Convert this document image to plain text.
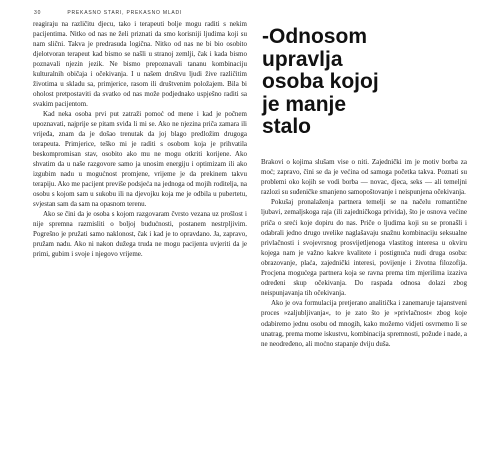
30	PREKASNO STARI, PREKASNO MLADI

reagiraju na različitu djecu, tako i terapeuti bolje mogu raditi s nekim pacijentima. Nitko od nas ne želi priznati da smo korisniji ljudima koji su nam slični. Takva je predrasuda logična. Nitko od nas ne bi bio osobito djelotvoran terapeut kad bismo se našli u stranoj zemlji, čak i kada bismo poznavali njezin jezik. Ne bismo prepoznavali tananu kombinaciju kulturalnih običaja i očekivanja. I u našem društvu ljudi žive različitim životima u skladu sa, primjerice, rasom ili društvenim položajem. Bila bi oholost pretpostaviti da svatko od nas može podjednako uspješno raditi sa svakim pacijentom.

Kad neka osoba prvi put zatraži pomoć od mene i kad je počnem upoznavati, najprije se pitam sviđa li mi se. Ako ne njezina priča zamara ili vrijeđa, znam da je došao trenutak da joj blago predložim drugoga terapeuta. Primjerice, teško mi je raditi s osobom koja je prihvatila beskompromisan stav, osobito ako mu ne mogu otkriti korijene. Ako shvatim da u naše razgovore samo ja unosim energiju i optimizam ili ako izgubim nadu u mogućnost promjene, vrijeme je da prekinem takvu terapiju. Ako me pacijent previše podsjeća na jednoga od mojih roditelja, na osobu s kojom sam u sukobu ili na djevojku koja me je odbila u pubertetu, svjestan sam da sam na opasnom terenu.

Ako se čini da je osoba s kojom razgovaram čvrsto vezana uz prošlost i nije spremna razmisliti o boljoj budućnosti, postanem nestrpljivim. Pogrešno je pružati samo naklonost, čak i kad je to opravdano. Ja, zapravo, pružam nadu. Ako ni nakon dužega truda ne mogu pacijenta uvjeriti da je primi, gubim i svoje i njegovo vrijeme.

-Odnosom
upravlja
osoba kojoj
je manje
stalo

Brakovi o kojima slušam vise o niti. Zajednički im je motiv borba za moć; zapravo, čini se da je većina od samoga početka takva. Poznati su problemi oko kojih se vodi borba — novac, djeca, seks — ali temeljni razlozi su suđeničke smanjeno samopoštovanje i neispunjena očekivanja.

Pokušaj pronalaženja partnera temelji se na načelu romantične ljubavi, zemaljskoga raja (ili zajedničkoga prividа), što je osnova većine priča o sreći koje dopiru do nas. Priče o ljudima koji su se pronašli i odabrali jedno drugo uvelike naglašavaju snažnu kombinaciju seksualne privlačnosti i svojevrsnog prosvijetljenoga vlastitog interesa u okviru kojega nam je važno kakve kvalitete i postignuća nudi druga osoba: obrazovanje, plaća, zajednički interesi, povijenje i životna filozofija. Procjena mogućega partnera koja se ravna prema tim mjerilima izaziva određeni skup očekivanja. Do raspada odnosa dolazi zbog neispunjavanja tih očekivanja.

Ako je ova formulacija pretjerano analitička i zanemaruje tajanstveni proces »zaljubljivanja«, to je zato što je »privlačnost« zbog koje odabiremo jednu osobu od mnogih, kako možemo vidjeti osvrnemo li se unatrag, prema mome iskustvu, kombinacija spremnosti, požude i nade, a ne neodređeno, ali moćno stapanje dviju duša.
